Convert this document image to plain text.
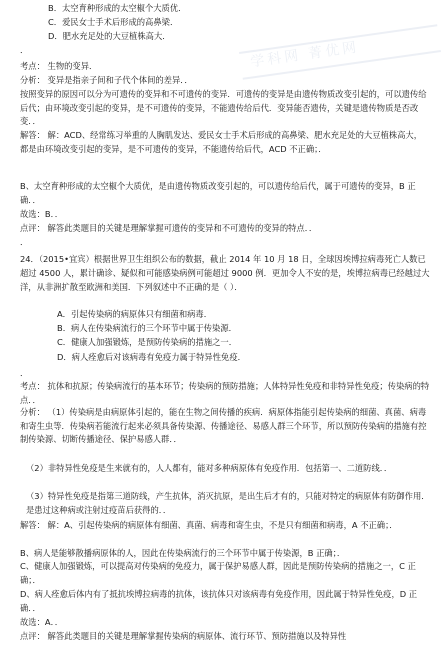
学科网 菁优网
B．太空育种形成的太空椒个大质优．
C．爱民女士手术后形成的高鼻梁．
D．肥水充足处的大豆植株高大．
．
考点： 生物的变异．
分析： 变异是指亲子间和子代个体间的差异．．
按照变异的原因可以分为可遗传的变异和不可遗传的变异．可遗传的变异是由遗传物质改变引起的，可以遗传给后代；由环境改变引起的变异，是不可遗传的变异，不能遗传给后代．变异能否遗传，关键是遗传物质是否改变．．
解答： 解：ACD、经常练习举重的人胸肌发达、爱民女士手术后形成的高鼻梁、肥水充足处的大豆植株高大，都是由环境改变引起的变异，是不可遗传的变异，不能遗传给后代，ACD 不正确；．
B、太空育种形成的太空椒个大质优，是由遗传物质改变引起的，可以遗传给后代，属于可遗传的变异，B 正确．．
故选：B．．
点评： 解答此类题目的关键是理解掌握可遗传的变异和不可遗传的变异的特点．．
．
24．（2015•宜宾）根据世界卫生组织公布的数据，截止 2014 年 10 月 18 日，全球因埃博拉病毒死亡人数已超过 4500 人，累计确诊、疑似和可能感染病例可能超过 9000 例．更加令人不安的是，埃博拉病毒已经越过大洋，从非洲扩散至欧洲和美国．下列叙述中不正确的是（ ）．
A．引起传染病的病原体只有细菌和病毒．
B．病人在传染病流行的三个环节中属于传染源．
C．健康人加强锻炼，是预防传染病的措施之一．
D．病人痊愈后对该病毒有免疫力属于特异性免疫．
．
考点： 抗体和抗原；传染病流行的基本环节；传染病的预防措施；人体特异性免疫和非特异性免疫；传染病的特点．．
分析： （1）传染病是由病原体引起的，能在生物之间传播的疾病．病原体指能引起传染病的细菌、真菌、病毒和寄生虫等．传染病若能流行起来必须具备传染源、传播途径、易感人群三个环节，所以预防传染病的措施有控制传染源、切断传播途径、保护易感人群．．
（2）非特异性免疫是生来就有的，人人都有，能对多种病原体有免疫作用．包括第一、二道防线．．
（3）特异性免疫是指第三道防线，产生抗体，消灭抗原，是出生后才有的，只能对特定的病原体有防御作用．是患过这种病或注射过疫苗后获得的．．
解答： 解：A、引起传染病的病原体有细菌、真菌、病毒和寄生虫，不是只有细菌和病毒，A 不正确；．
B、病人是能够散播病原体的人，因此在传染病流行的三个环节中属于传染源，B 正确；．
C、健康人加强锻炼，可以提高对传染病的免疫力，属于保护易感人群，因此是预防传染病的措施之一，C 正确；．
D、病人痊愈后体内有了抵抗埃博拉病毒的抗体，该抗体只对该病毒有免疫作用，因此属于特异性免疫，D 正确．．
故选：A．．
点评： 解答此类题目的关键是理解掌握传染病的病原体、流行环节、预防措施以及特异性
